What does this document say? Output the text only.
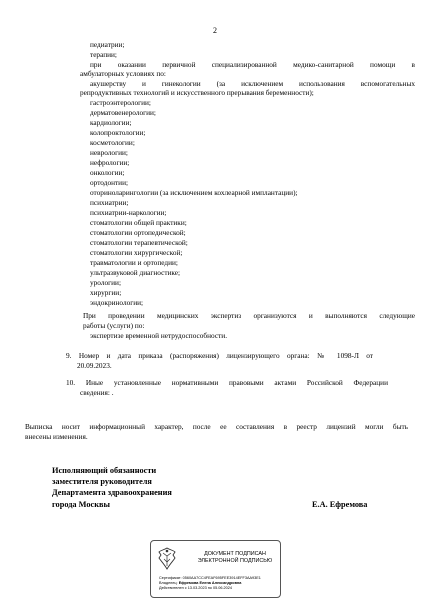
2
педиатрии;
терапии;
при оказании первичной специализированной медико-санитарной помощи в
амбулаторных условиях по:
акушерству и гинекологии (за исключением использования вспомогательных
репродуктивных технологий и искусственного прерывания беременности);
гастроэнтерологии;
дерматовенерологии;
кардиологии;
колопроктологии;
косметологии;
неврологии;
нефрологии;
онкологии;
ортодонтии;
оториноларингологии (за исключением кохлеарной имплантации);
психиатрии;
психиатрии-наркологии;
стоматологии общей практики;
стоматологии ортопедической;
стоматологии терапевтической;
стоматологии хирургической;
травматологии и ортопедии;
ультразвуковой диагностике;
урологии;
хирургии;
эндокринологии;
При проведении медицинских экспертиз организуются и выполняются следующие
работы (услуги) по:
экспертизе временной нетрудоспособности.
9. Номер и дата приказа (распоряжения) лицензирующего органа: № 1098-Л от
20.09.2023.
10. Иные установленные нормативными правовыми актами Российской Федерации
сведения: .
Выписка носит информационный характер, после ее составления в реестр лицензий могли быть
внесены изменения.
Исполняющий обязанности
заместителя руководителя
Департамента здравоохранения
города Москвы	Е.А. Ефремова
ДОКУМЕНТ ПОДПИСАН
ЭЛЕКТРОННОЙ ПОДПИСЬЮ
Сертификат: 0560AA7CC4FEAF695FEE3914EFF3AA93E1
Владелец: Ефремова Елена Александровна
Действителен с 13.03.2023 по 05.06.2024
